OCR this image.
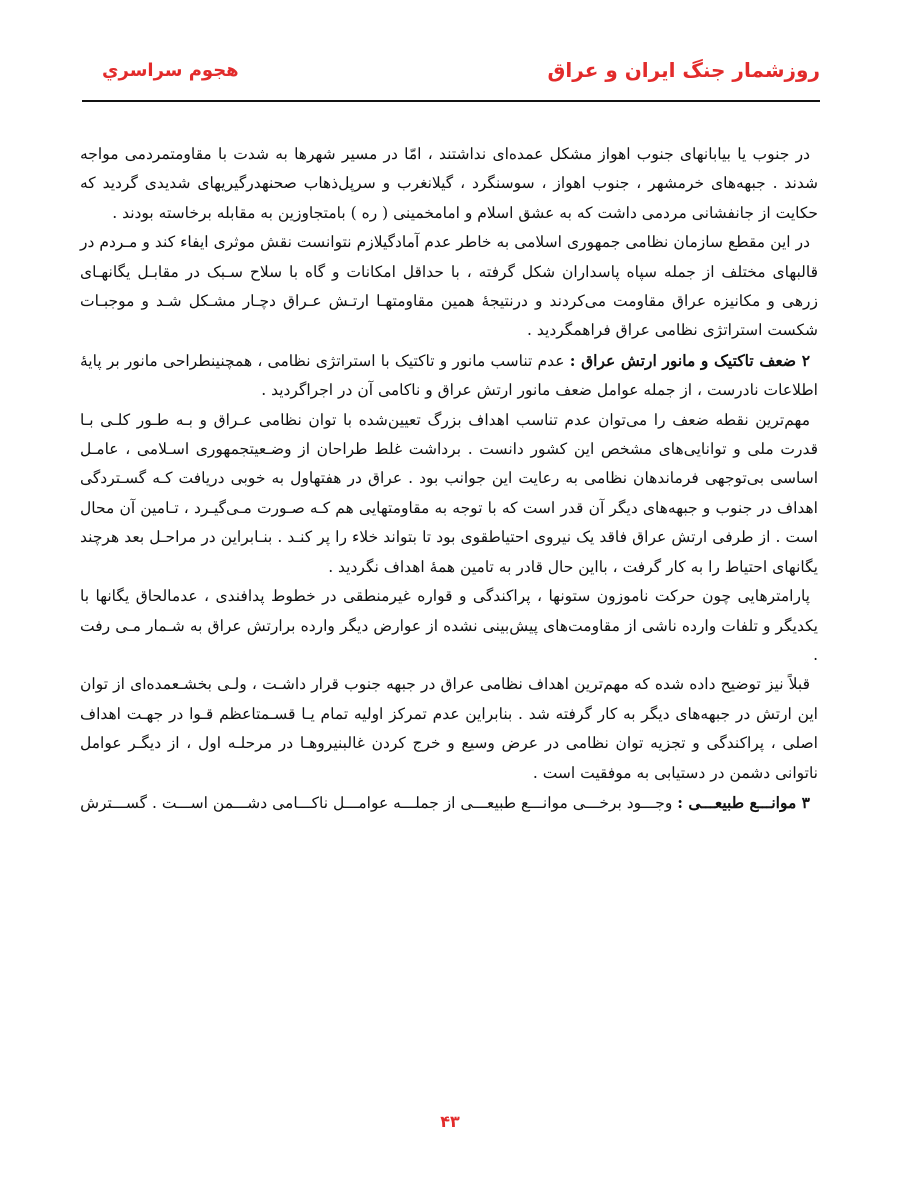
روزشمار جنگ ایران و عراق
هجوم سراسري

در جنوب یا بیابانهای جنوب اهواز مشکل عمده‌ای نداشتند ، امّا در مسیر شهرها به شدت با مقاومتمردمی مواجه شدند . جبهه‌های خرمشهر ، جنوب اهواز ، سوسنگرد ، گیلانغرب و سرپل‌ذهاب صحنهدرگیریهای شدیدی گردید که حکایت از جانفشانی مردمی داشت که به عشق اسلام و امامخمینی ( ره ) بامتجاوزین به مقابله برخاسته بودند .

در این مقطع سازمان نظامی جمهوری اسلامی به خاطر عدم آمادگیلازم نتوانست نقش موثری ایفاء کند و مـردم در قالبهای مختلف از جمله سپاه پاسداران شکل گرفته ، با حداقل امکانات و گاه با سلاح سـبک در مقابـل یگانهـای زرهی و مکانیزه عراق مقاومت می‌کردند و درنتیجهٔ همین مقاومتهـا ارتـش عـراق دچـار مشـکل شـد و موجبـات شکست استراتژی نظامی عراق فراهمگردید .

۲ ضعف تاکتیک و مانور ارتش عراق : عدم تناسب مانور و تاکتیک با استراتژی نظامی ، همچنینطراحی مانور بر پایهٔ اطلاعات نادرست ، از جمله عوامل ضعف مانور ارتش عراق و ناکامی آن در اجراگردید .

مهم‌ترین نقطه ضعف را می‌توان عدم تناسب اهداف بزرگ تعیین‌شده با توان نظامی عـراق و بـه طـور کلـی بـا قدرت ملی و توانایی‌های مشخص این کشور دانست . برداشت غلط طراحان از وضـعیتجمهوری اسـلامی ، عامـل اساسی بی‌توجهی فرماندهان نظامی به رعایت این جوانب بود . عراق در هفتهاول به خوبی دریافت کـه گسـتردگی اهداف در جنوب و جبهه‌های دیگر آن قدر است که با توجه به مقاومتهایی هم کـه صـورت مـی‌گیـرد ، تـامین آن محال است . از طرفی ارتش عراق فاقد یک نیروی احتیاطقوی بود تا بتواند خلاء را پر کنـد . بنـابراین در مراحـل بعد هرچند یگانهای احتیاط را به کار گرفت ، بااین حال قادر به تامین همهٔ اهداف نگردید .

پارامترهایی چون حرکت ناموزون ستونها ، پراکندگی و قواره غیرمنطقی در خطوط پدافندی ، عدمالحاق یگانها با یکدیگر و تلفات وارده ناشی از مقاومت‌های پیش‌بینی نشده از عوارض دیگر وارده برارتش عراق به شـمار مـی رفت .

قبلاً نیز توضیح داده شده که مهم‌ترین اهداف نظامی عراق در جبهه جنوب قرار داشـت ، ولـی بخشـعمده‌ای از توان این ارتش در جبهه‌های دیگر به کار گرفته شد . بنابراین عدم تمرکز اولیه تمام یـا قسـمتاعظم قـوا در جهـت اهداف اصلی ، پراکندگی و تجزیه توان نظامی در عرض وسیع و خرج کردن غالبنیروهـا در مرحلـه اول ، از دیگـر عوامل ناتوانی دشمن در دستیابی به موفقیت است .

۳ موانـــع طبیعـــی : وجـــود برخـــی موانـــع طبیعـــی از جملـــه عوامـــل ناکـــامی دشـــمن اســـت . گســـترش

۴۳
